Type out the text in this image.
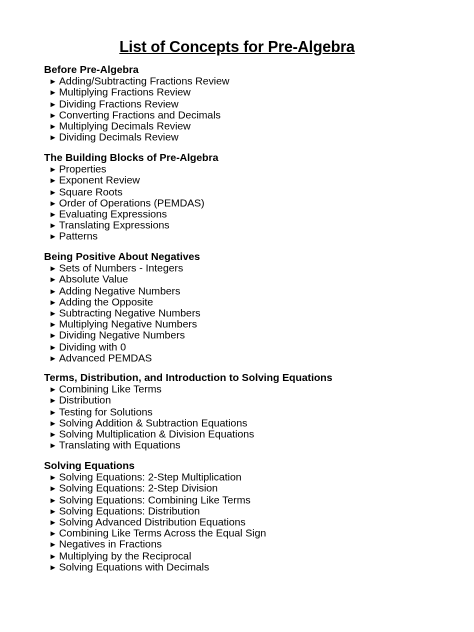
List of Concepts for Pre-Algebra
Before Pre-Algebra
► Adding/Subtracting Fractions Review
► Multiplying Fractions Review
► Dividing Fractions Review
► Converting Fractions and Decimals
► Multiplying Decimals Review
► Dividing Decimals Review
The Building Blocks of Pre-Algebra
► Properties
► Exponent Review
► Square Roots
► Order of Operations (PEMDAS)
► Evaluating Expressions
► Translating Expressions
► Patterns
Being Positive About Negatives
► Sets of Numbers - Integers
► Absolute Value
► Adding Negative Numbers
► Adding the Opposite
► Subtracting Negative Numbers
► Multiplying Negative Numbers
► Dividing Negative Numbers
► Dividing with 0
► Advanced PEMDAS
Terms, Distribution, and Introduction to Solving Equations
► Combining Like Terms
► Distribution
► Testing for Solutions
► Solving Addition & Subtraction Equations
► Solving Multiplication & Division Equations
► Translating with Equations
Solving Equations
► Solving Equations: 2-Step Multiplication
► Solving Equations: 2-Step Division
► Solving Equations: Combining Like Terms
► Solving Equations: Distribution
► Solving Advanced Distribution Equations
► Combining Like Terms Across the Equal Sign
► Negatives in Fractions
► Multiplying by the Reciprocal
► Solving Equations with Decimals
